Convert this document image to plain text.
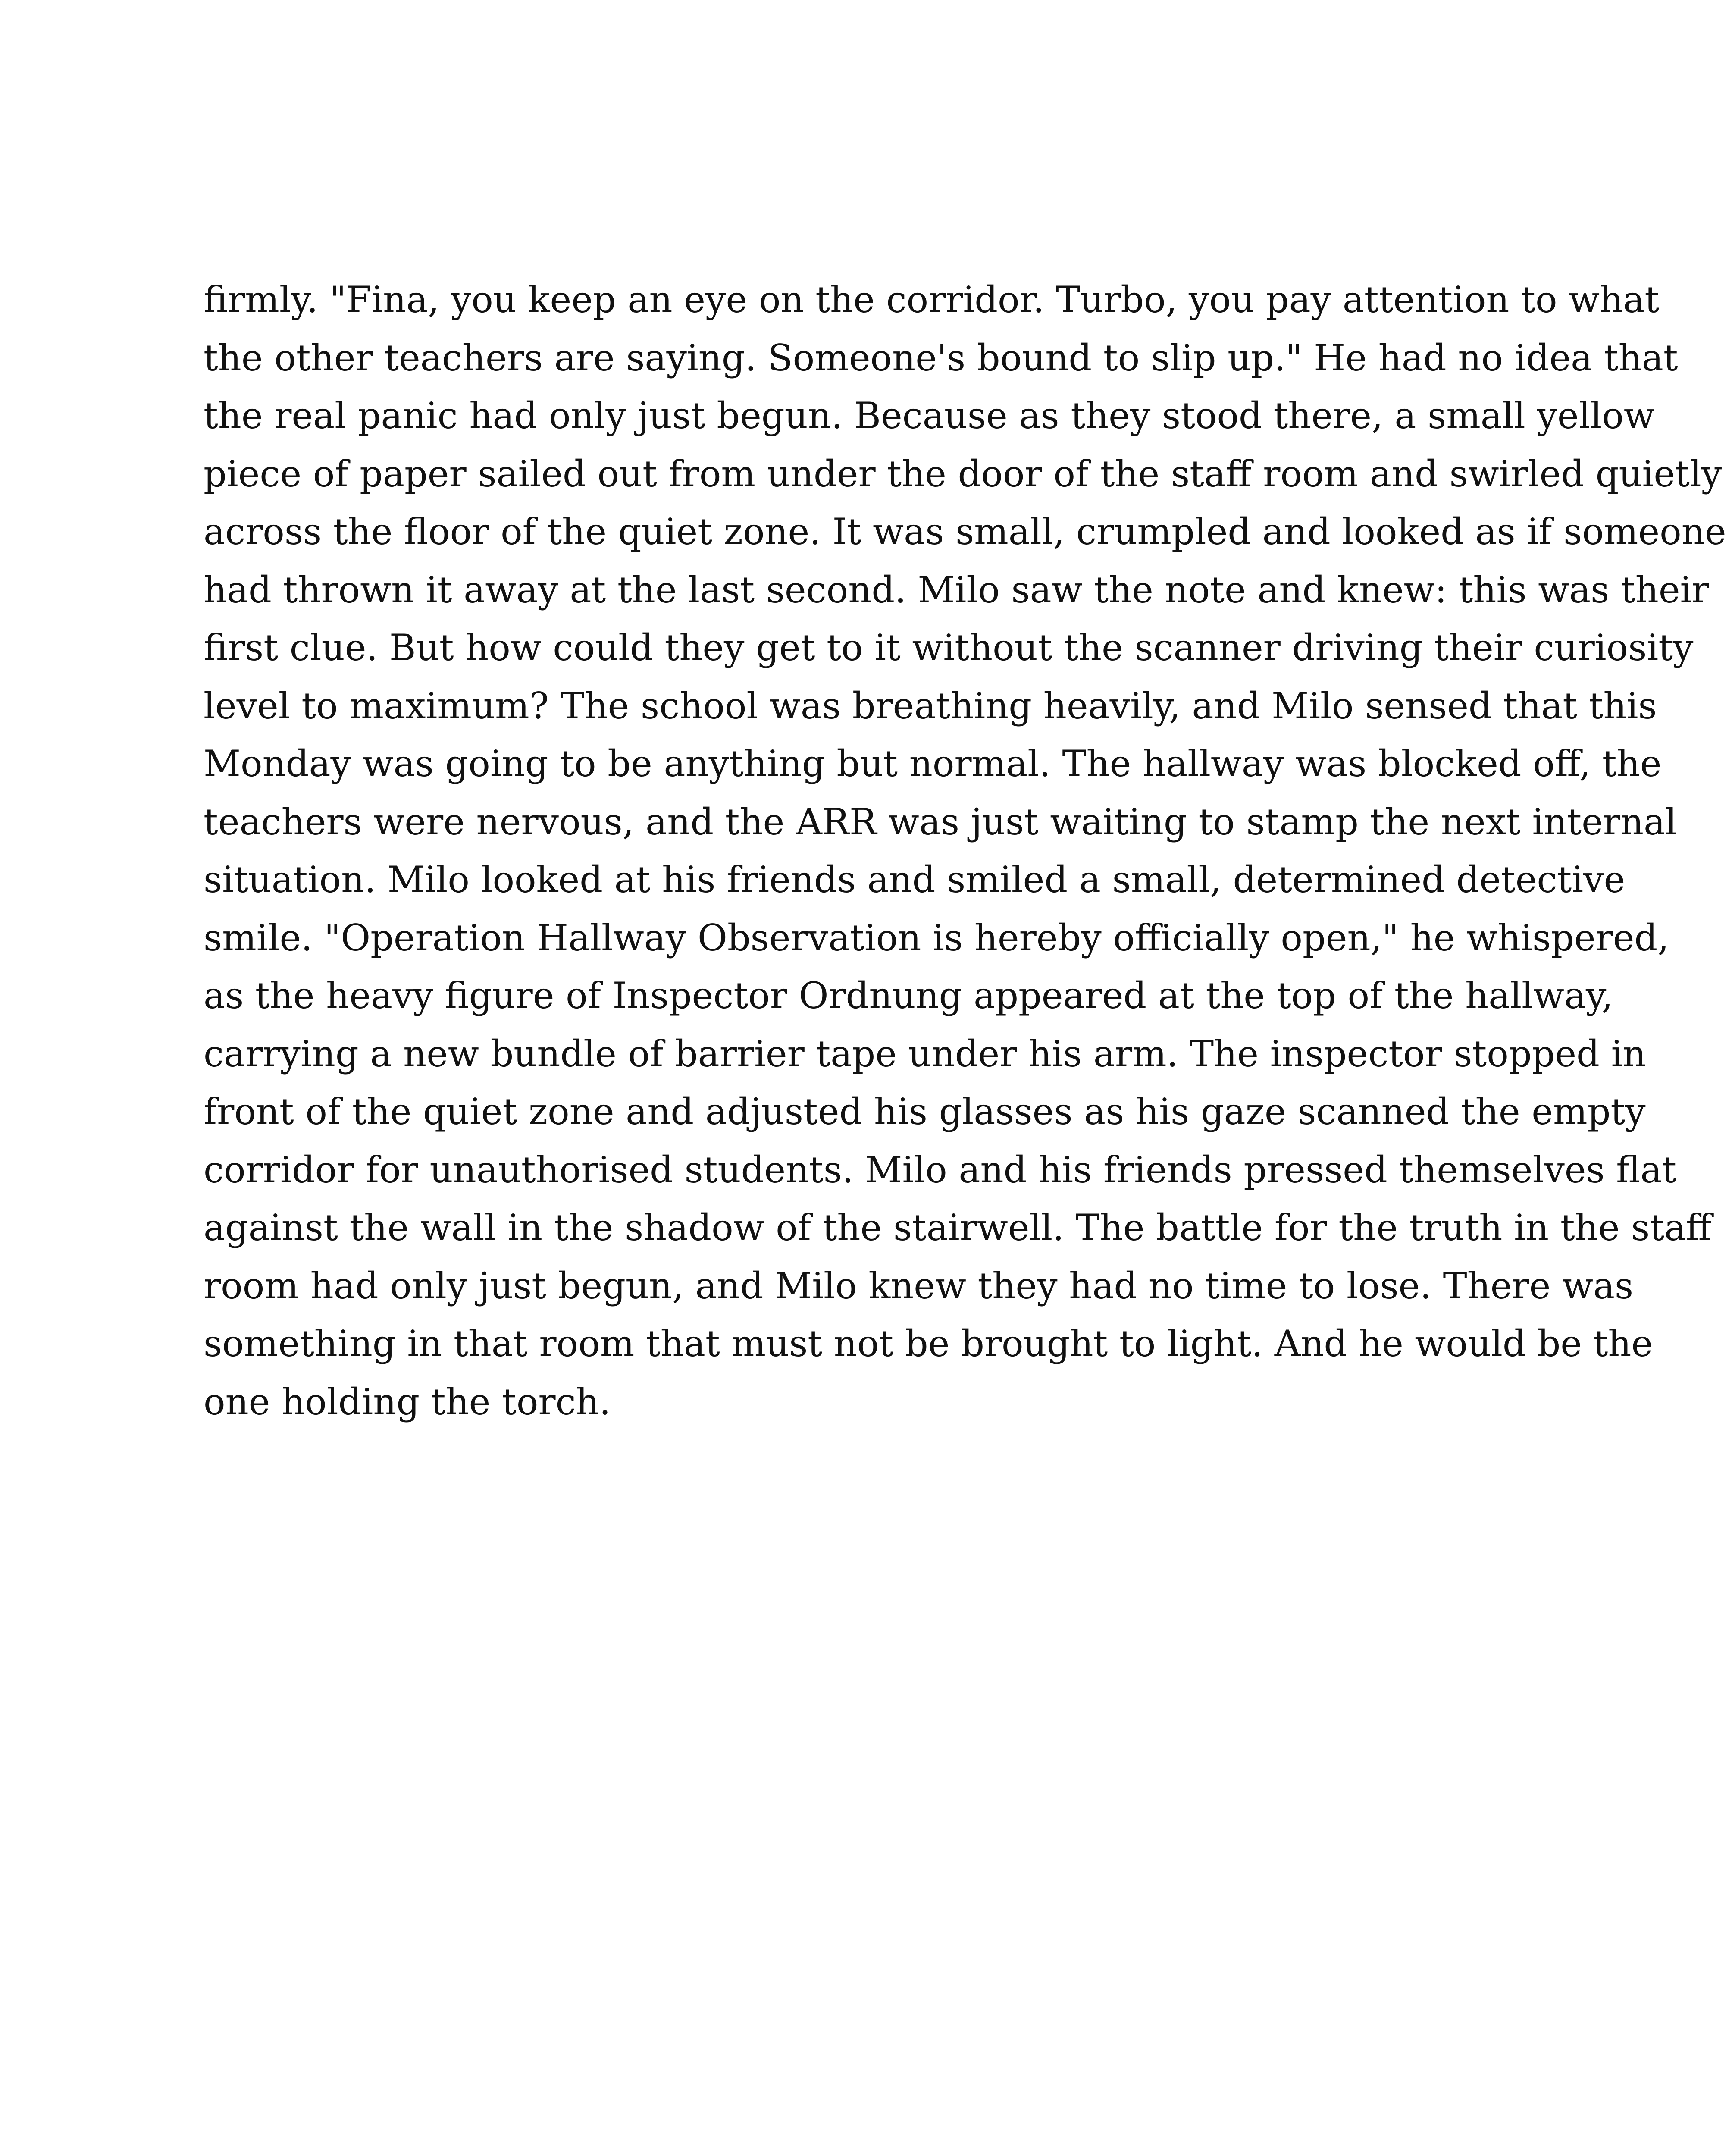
firmly. "Fina, you keep an eye on the corridor. Turbo, you pay attention to what
the other teachers are saying. Someone's bound to slip up." He had no idea that
the real panic had only just begun. Because as they stood there, a small yellow
piece of paper sailed out from under the door of the staff room and swirled quietly
across the floor of the quiet zone. It was small, crumpled and looked as if someone
had thrown it away at the last second. Milo saw the note and knew: this was their
first clue. But how could they get to it without the scanner driving their curiosity
level to maximum? The school was breathing heavily, and Milo sensed that this
Monday was going to be anything but normal. The hallway was blocked off, the
teachers were nervous, and the ARR was just waiting to stamp the next internal
situation. Milo looked at his friends and smiled a small, determined detective
smile. "Operation Hallway Observation is hereby officially open," he whispered,
as the heavy figure of Inspector Ordnung appeared at the top of the hallway,
carrying a new bundle of barrier tape under his arm. The inspector stopped in
front of the quiet zone and adjusted his glasses as his gaze scanned the empty
corridor for unauthorised students. Milo and his friends pressed themselves flat
against the wall in the shadow of the stairwell. The battle for the truth in the staff
room had only just begun, and Milo knew they had no time to lose. There was
something in that room that must not be brought to light. And he would be the
one holding the torch.
